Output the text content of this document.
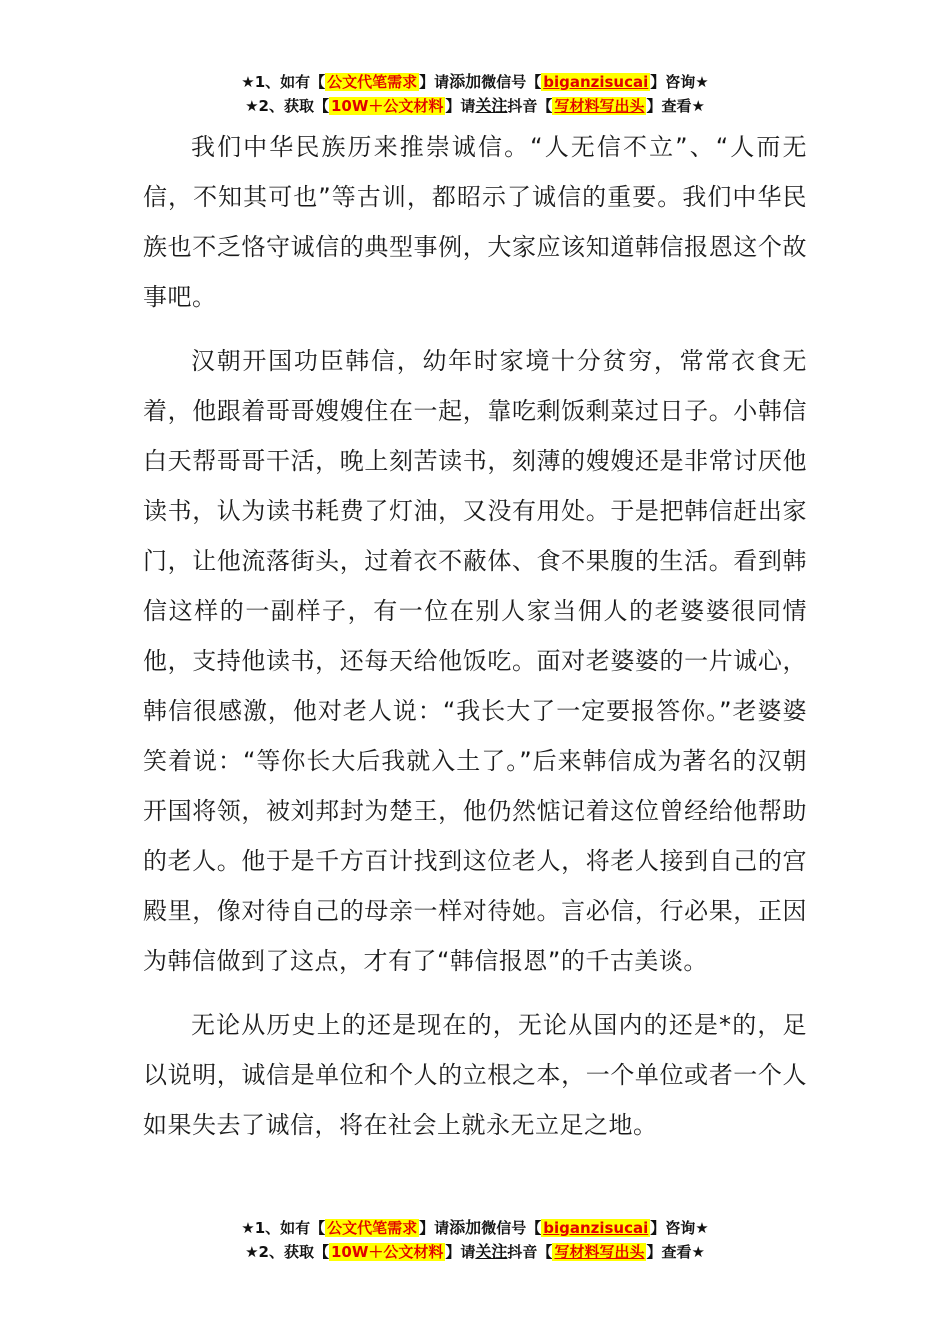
★1、如有【 公文代笔需求 】请添加微信号【 biganzisucai 】咨询★
★2、获取【 10W＋公文材料 】请关注抖音【 写材料写出头 】查看★

我们中华民族历来推崇诚信。“人无信不立”、“人而无信，不知其可也”等古训，都昭示了诚信的重要。我们中华民族也不乏恪守诚信的典型事例，大家应该知道韩信报恩这个故事吧。

汉朝开国功臣韩信，幼年时家境十分贫穷，常常衣食无着，他跟着哥哥嫂嫂住在一起，靠吃剩饭剩菜过日子。小韩信白天帮哥哥干活，晚上刻苦读书，刻薄的嫂嫂还是非常讨厌他读书，认为读书耗费了灯油，又没有用处。于是把韩信赶出家门，让他流落街头，过着衣不蔽体、食不果腹的生活。看到韩信这样的一副样子，有一位在别人家当佣人的老婆婆很同情他，支持他读书，还每天给他饭吃。面对老婆婆的一片诚心，韩信很感激，他对老人说：“我长大了一定要报答你。”老婆婆笑着说：“等你长大后我就入土了。”后来韩信成为著名的汉朝开国将领，被刘邦封为楚王，他仍然惦记着这位曾经给他帮助的老人。他于是千方百计找到这位老人，将老人接到自己的宫殿里，像对待自己的母亲一样对待她。言必信，行必果，正因为韩信做到了这点，才有了“韩信报恩”的千古美谈。

无论从历史上的还是现在的，无论从国内的还是*的，足以说明，诚信是单位和个人的立根之本，一个单位或者一个人如果失去了诚信，将在社会上就永无立足之地。

★1、如有【 公文代笔需求 】请添加微信号【 biganzisucai 】咨询★
★2、获取【 10W＋公文材料 】请关注抖音【 写材料写出头 】查看★
